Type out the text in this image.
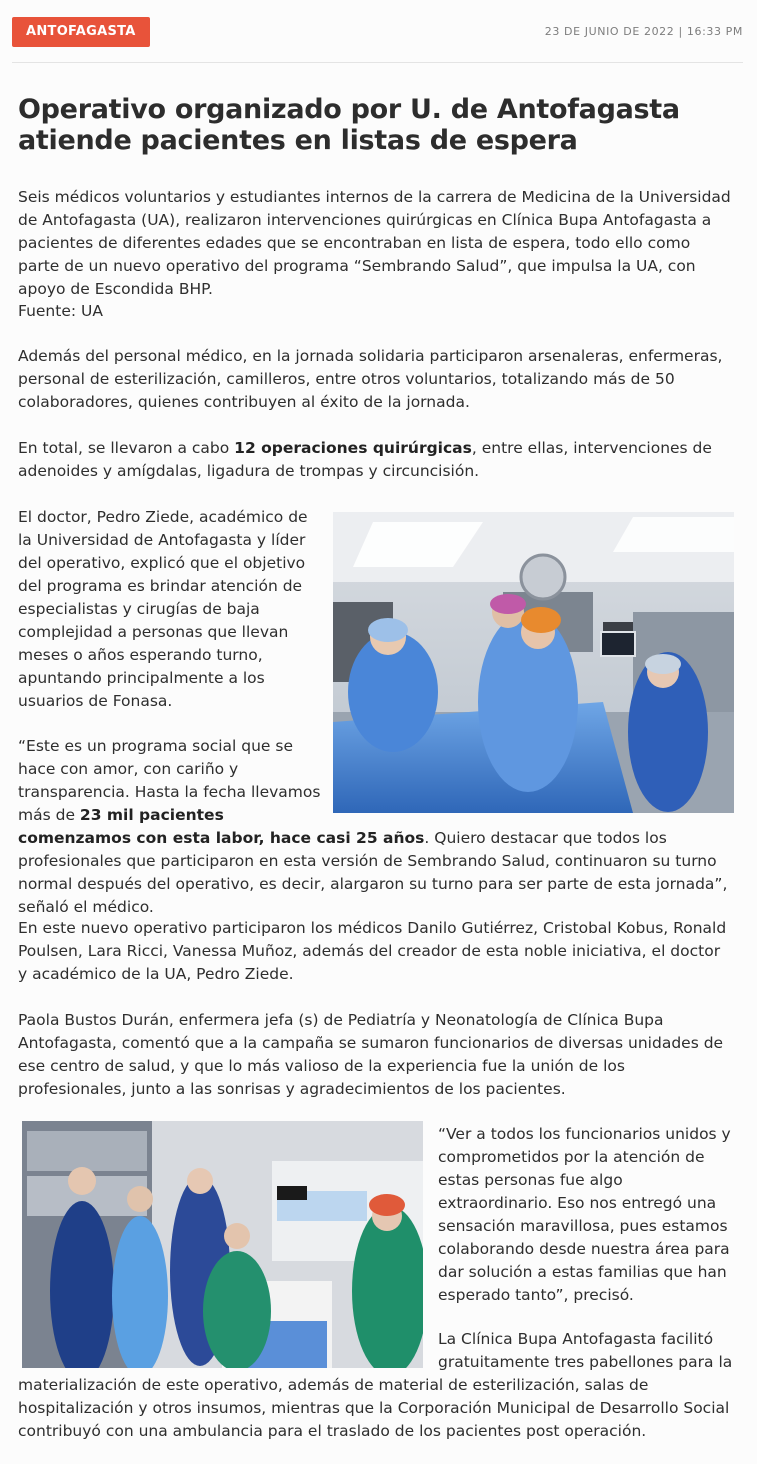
ANTOFAGASTA	23 DE JUNIO DE 2022 | 16:33 PM
Operativo organizado por U. de Antofagasta atiende pacientes en listas de espera

Seis médicos voluntarios y estudiantes internos de la carrera de Medicina de la Universidad de Antofagasta (UA), realizaron intervenciones quirúrgicas en Clínica Bupa Antofagasta a pacientes de diferentes edades que se encontraban en lista de espera, todo ello como parte de un nuevo operativo del programa “Sembrando Salud”, que impulsa la UA, con apoyo de Escondida BHP.

Fuente: UA

Además del personal médico, en la jornada solidaria participaron arsenaleras, enfermeras, personal de esterilización, camilleros, entre otros voluntarios, totalizando más de 50 colaboradores, quienes contribuyen al éxito de la jornada.

En total, se llevaron a cabo 12 operaciones quirúrgicas, entre ellas, intervenciones de adenoides y amígdalas, ligadura de trompas y circuncisión.

El doctor, Pedro Ziede, académico de la Universidad de Antofagasta y líder del operativo, explicó que el objetivo del programa es brindar atención de especialistas y cirugías de baja complejidad a personas que llevan meses o años esperando turno, apuntando principalmente a los usuarios de Fonasa.

“Este es un programa social que se hace con amor, con cariño y transparencia. Hasta la fecha llevamos más de 23 mil pacientes

comenzamos con esta labor, hace casi 25 años. Quiero destacar que todos los profesionales que participaron en esta versión de Sembrando Salud, continuaron su turno normal después del operativo, es decir, alargaron su turno para ser parte de esta jornada”, señaló el médico.

En este nuevo operativo participaron los médicos Danilo Gutiérrez, Cristobal Kobus, Ronald Poulsen, Lara Ricci, Vanessa Muñoz, además del creador de esta noble iniciativa, el doctor y académico de la UA, Pedro Ziede.

Paola Bustos Durán, enfermera jefa (s) de Pediatría y Neonatología de Clínica Bupa Antofagasta, comentó que a la campaña se sumaron funcionarios de diversas unidades de ese centro de salud, y que lo más valioso de la experiencia fue la unión de los profesionales, junto a las sonrisas y agradecimientos de los pacientes.

“Ver a todos los funcionarios unidos y comprometidos por la atención de estas personas fue algo extraordinario. Eso nos entregó una sensación maravillosa, pues estamos colaborando desde nuestra área para dar solución a estas familias que han esperado tanto”, precisó.

La Clínica Bupa Antofagasta facilitó gratuitamente tres pabellones para la

materialización de este operativo, además de material de esterilización, salas de hospitalización y otros insumos, mientras que la Corporación Municipal de Desarrollo Social contribuyó con una ambulancia para el traslado de los pacientes post operación.
